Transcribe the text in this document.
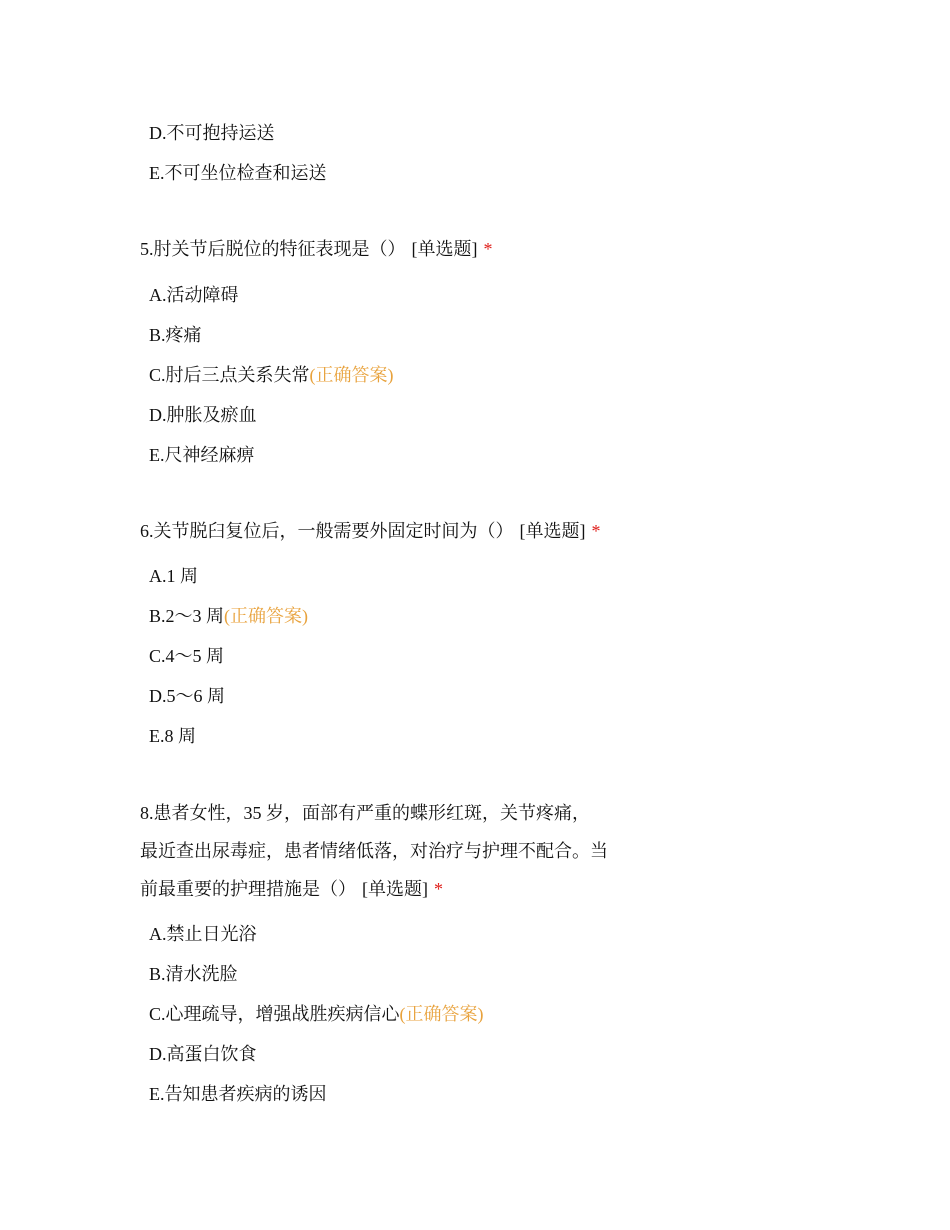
D.不可抱持运送
E.不可坐位检查和运送
5.肘关节后脱位的特征表现是（） [单选题] *
A.活动障碍
B.疼痛
C.肘后三点关系失常(正确答案)
D.肿胀及瘀血
E.尺神经麻痹
6.关节脱臼复位后，一般需要外固定时间为（） [单选题] *
A.1 周
B.2～3 周(正确答案)
C.4～5 周
D.5～6 周
E.8 周
8.患者女性，35 岁，面部有严重的蝶形红斑，关节疼痛，
最近查出尿毒症，患者情绪低落，对治疗与护理不配合。当
前最重要的护理措施是（） [单选题] *
A.禁止日光浴
B.清水洗脸
C.心理疏导，增强战胜疾病信心(正确答案)
D.高蛋白饮食
E.告知患者疾病的诱因
